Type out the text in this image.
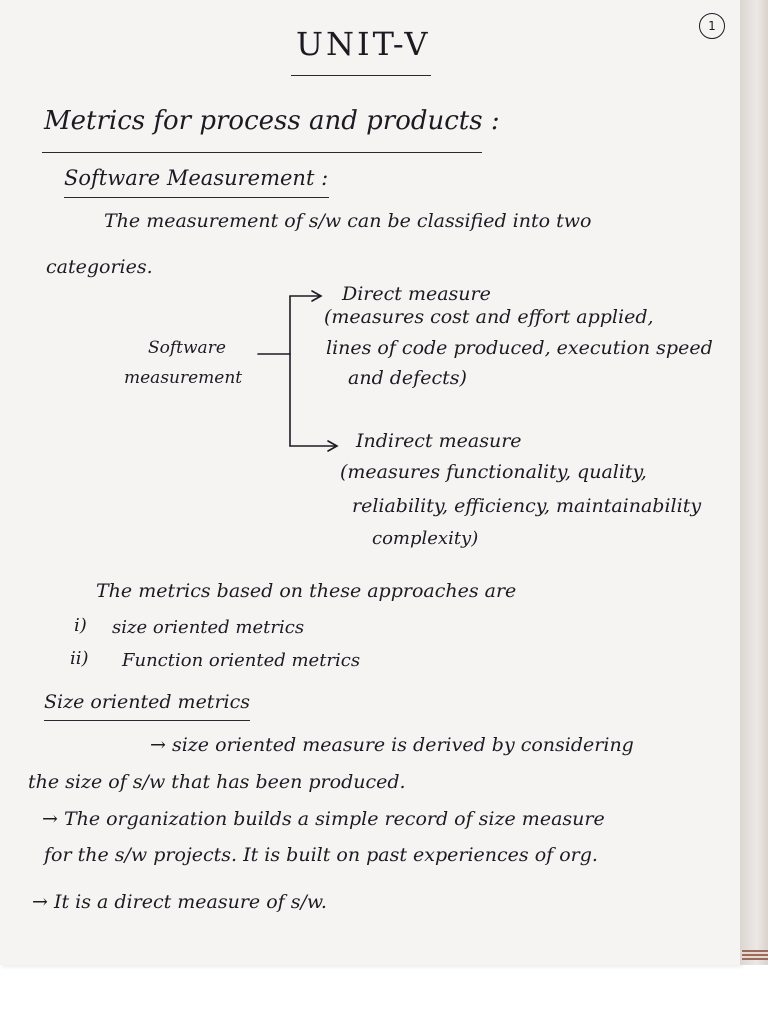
1
UNIT-V
Metrics for process and products :
Software Measurement :
The measurement of s/w can be classified into two
categories.
Software
measurement
Direct measure
(measures cost and effort applied,
lines of code produced, execution speed
and defects)
Indirect measure
(measures functionality, quality,
reliability, efficiency, maintainability
complexity)
The metrics based on these approaches are
i) size oriented metrics
ii) Function oriented metrics
Size oriented metrics
→ size oriented measure is derived by considering
the size of s/w that has been produced.
→ The organization builds a simple record of size measure
for the s/w projects. It is built on past experiences of org.
→ It is a direct measure of s/w.
